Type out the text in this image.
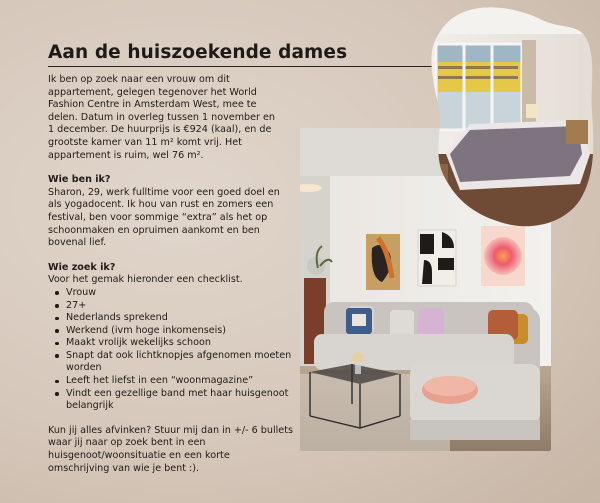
Aan de huiszoekende dames

Ik ben op zoek naar een vrouw om dit appartement, gelegen tegenover het World Fashion Centre in Amsterdam West, mee te delen. Datum in overleg tussen 1 november en 1 december. De huurprijs is €924 (kaal), en de grootste kamer van 11 m² komt vrij. Het appartement is ruim, wel 76 m².

Wie ben ik?

Sharon, 29, werk fulltime voor een goed doel en als yogadocent. Ik hou van rust en zomers een festival, ben voor sommige “extra” als het op schoonmaken en opruimen aankomt en ben bovenal lief.

Wie zoek ik?

Voor het gemak hieronder een checklist.

Vrouw
27+
Nederlands sprekend
Werkend (ivm hoge inkomenseis)
Maakt vrolijk wekelijks schoon
Snapt dat ook lichtknopjes afgenomen moeten worden
Leeft het liefst in een “woonmagazine”
Vindt een gezellige band met haar huisgenoot belangrijk

Kun jij alles afvinken? Stuur mij dan in +/- 6 bullets waar jij naar op zoek bent in een huisgenoot/woonsituatie en een korte omschrijving van wie je bent :).
